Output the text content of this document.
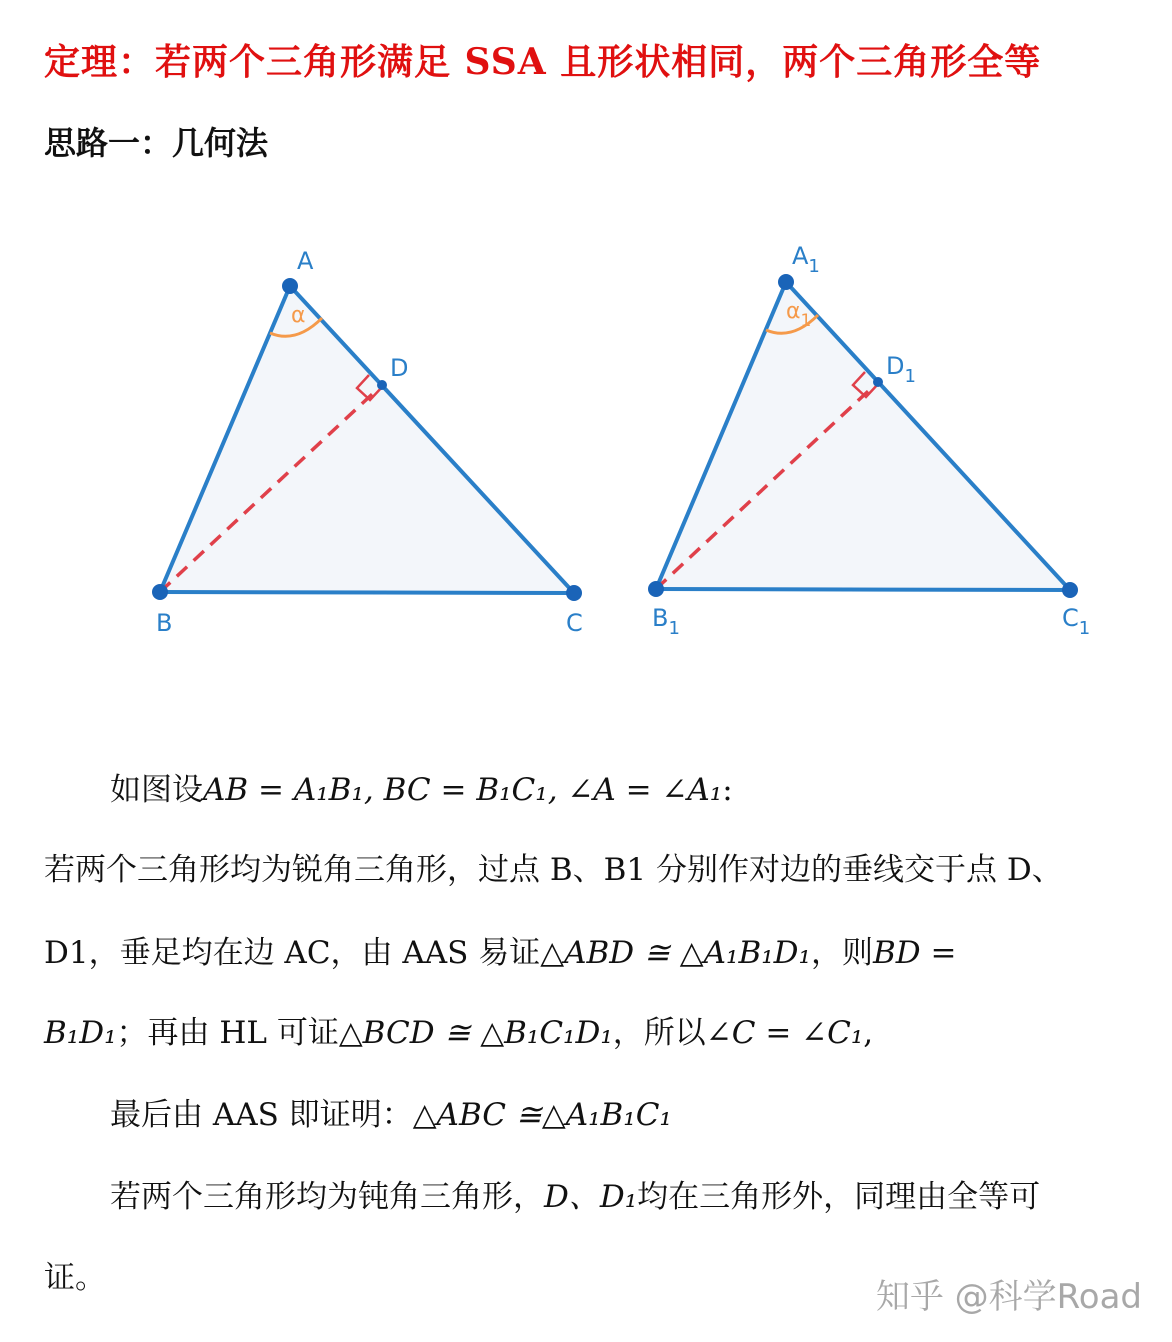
定理：若两个三角形满足 SSA 且形状相同，两个三角形全等
思路一：几何法
A
B	C
D
α
$A_1$
$B_1$	$C_1$
$D_1$
$\alpha_1$
如图设AB = A₁B₁, BC = B₁C₁, ∠A = ∠A₁:
若两个三角形均为锐角三角形，过点 B、B1 分别作对边的垂线交于点 D、
D1，垂足均在边 AC，由 AAS 易证△ABD ≅ △A₁B₁D₁，则BD =
B₁D₁；再由 HL 可证△BCD ≅ △B₁C₁D₁，所以∠C = ∠C₁,
最后由 AAS 即证明：△ABC ≅△A₁B₁C₁
若两个三角形均为钝角三角形，D、D₁均在三角形外，同理由全等可
证。	知乎 @科学Road
